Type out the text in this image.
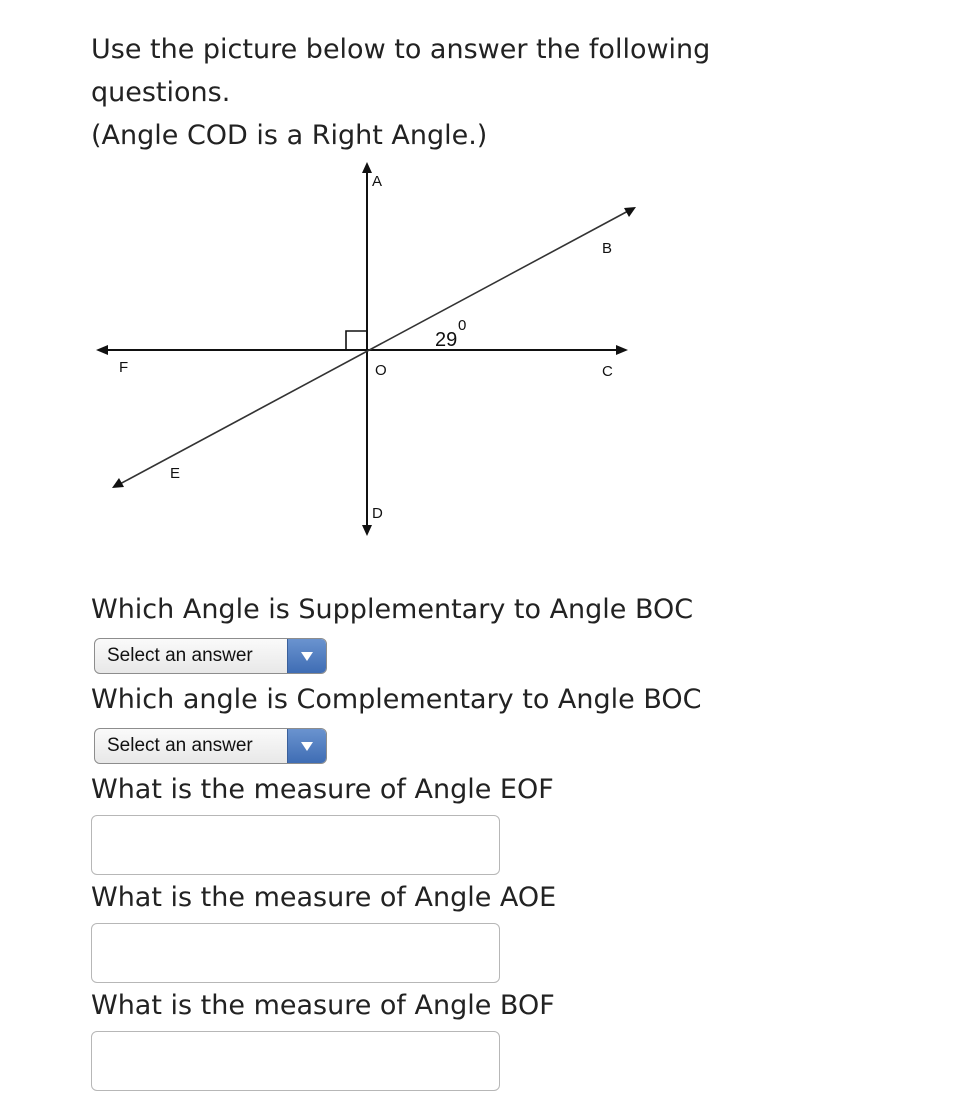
Use the picture below to answer the following
questions.
(Angle COD is a Right Angle.)
A
B
C
D
E
F	O
29
0
Which Angle is Supplementary to Angle BOC
Select an answer
Which angle is Complementary to Angle BOC
Select an answer
What is the measure of Angle EOF
What is the measure of Angle AOE
What is the measure of Angle BOF
